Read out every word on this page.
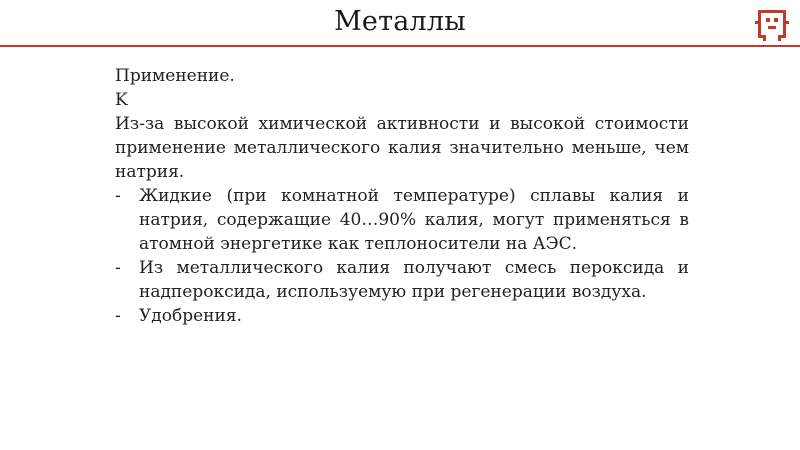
Металлы

Применение.

K

Из-за высокой химической активности и высокой стоимости применение металлического калия значительно меньше, чем натрия.

- Жидкие (при комнатной температуре) сплавы калия и натрия, содержащие 40…90% калия, могут применяться в атомной энергетике как теплоносители на АЭС.
- Из металлического калия получают смесь пероксида и надпероксида, используемую при регенерации воздуха.
- Удобрения.
